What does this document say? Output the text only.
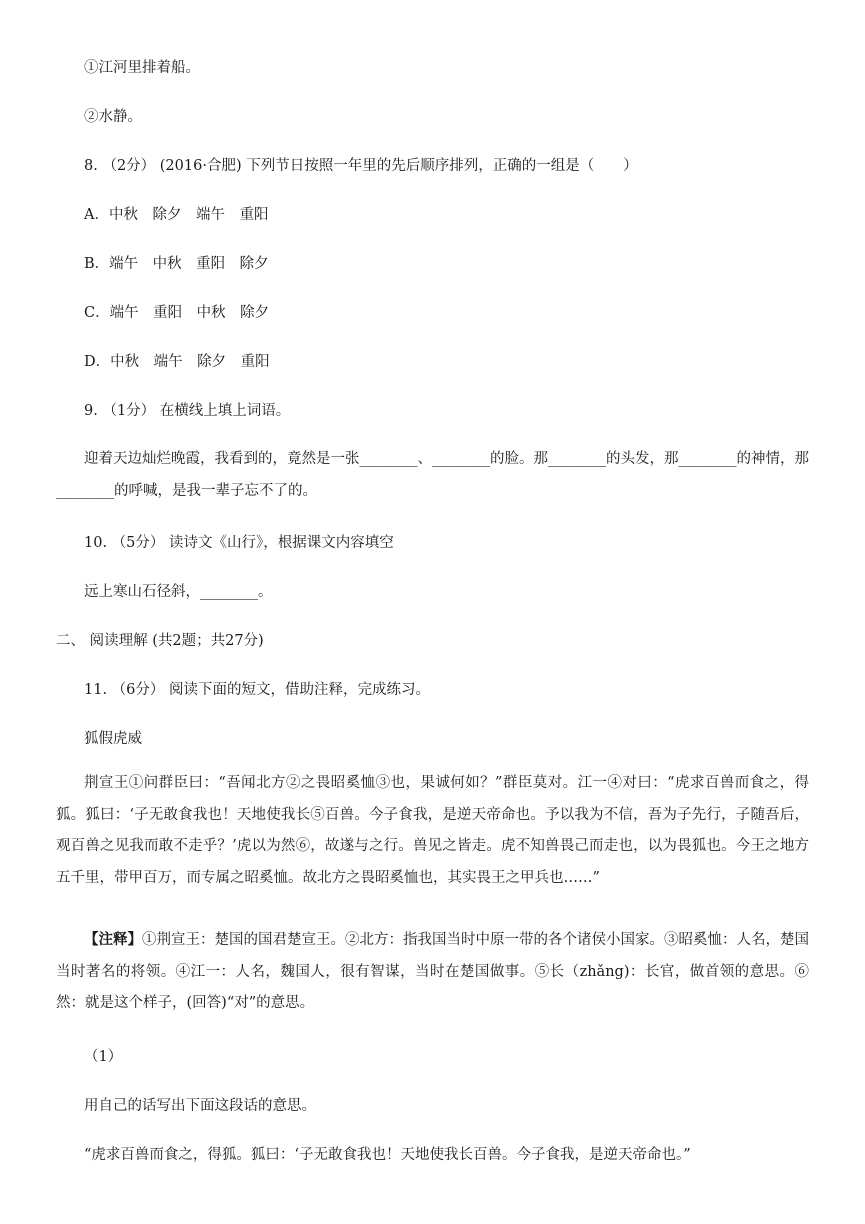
①江河里排着船。
②水静。
8. （2分） (2016·合肥) 下列节日按照一年里的先后顺序排列，正确的一组是（　　）
A．中秋　除夕　端午　重阳
B．端午　中秋　重阳　除夕
C．端午　重阳　中秋　除夕
D．中秋　端午　除夕　重阳
9. （1分） 在横线上填上词语。
迎着天边灿烂晚霞，我看到的，竟然是一张________、________的脸。那________的头发，那________的神情，那________的呼喊，是我一辈子忘不了的。
10. （5分） 读诗文《山行》，根据课文内容填空
远上寒山石径斜，________。
二、 阅读理解 (共2题；共27分)
11. （6分） 阅读下面的短文，借助注释，完成练习。
狐假虎威
荆宣王①问群臣曰：“吾闻北方②之畏昭奚恤③也，果诚何如？”群臣莫对。江一④对曰：“虎求百兽而食之，得狐。狐曰：‘子无敢食我也！天地使我长⑤百兽。今子食我，是逆天帝命也。予以我为不信，吾为子先行，子随吾后，观百兽之见我而敢不走乎？’虎以为然⑥，故遂与之行。兽见之皆走。虎不知兽畏己而走也，以为畏狐也。今王之地方五千里，带甲百万，而专属之昭奚恤。故北方之畏昭奚恤也，其实畏王之甲兵也……”
【注释】①荆宣王：楚国的国君楚宣王。②北方：指我国当时中原一带的各个诸侯小国家。③昭奚恤：人名，楚国当时著名的将领。④江一：人名，魏国人，很有智谋，当时在楚国做事。⑤长（zhǎng)：长官，做首领的意思。⑥然：就是这个样子，(回答)“对”的意思。
（1）
用自己的话写出下面这段话的意思。
“虎求百兽而食之，得狐。狐曰：‘子无敢食我也！天地使我长百兽。今子食我，是逆天帝命也。”
